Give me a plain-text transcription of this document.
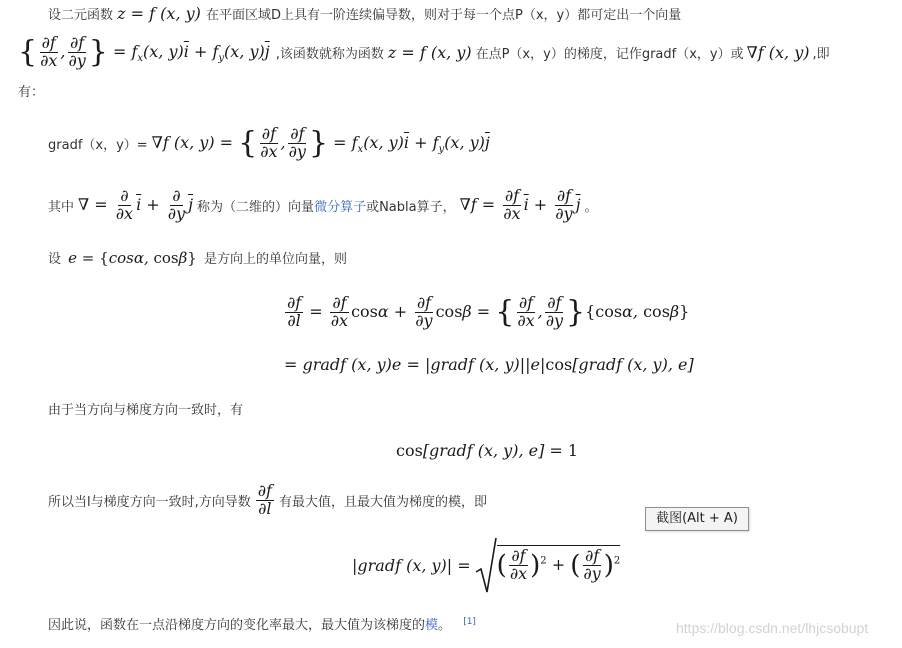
设二元函数 z = f (x, y) 在平面区域D上具有一阶连续偏导数，则对于每一个点P（x，y）都可定出一个向量
{ $\frac{\partial f}{\partial x}$ , $\frac{\partial f}{\partial y}$ } = $f_x(x$, $y)\overline{i} + f_y(x$, $y)\overline{j}$ ,该函数就称为函数 z = f (x, y) 在点P（x，y）的梯度，记作gradf（x，y）或 ∇f (x, y) ,即
有：
gradf（x，y）= ∇f (x, y) = { $\frac{\partial f}{\partial x}$ , $\frac{\partial f}{\partial y}$ } = $f_x(x$, $y)\overline{i} + f_y(x$, $y)\overline{j}$
其中 ∇ = $\frac{\partial}{\partial x} \overline{i} + \frac{\partial}{\partial y} \overline{j}$ 称为（二维的）向量 微分算子 或Nabla算子， $\nabla f = \frac{\partial f}{\partial x} \overline{i} + \frac{\partial f}{\partial y} \overline{j}$ 。
设 e = {cosα, cosβ} 是方向上的单位向量，则
$\frac{\partial f}{\partial l} = \frac{\partial f}{\partial x}$ $\cos\alpha + \frac{\partial f}{\partial y}$ cosβ = { $\frac{\partial f}{\partial x}$ , $\frac{\partial f}{\partial y} \}\{\cos\alpha$, cosβ}
= gradf (x, y)e = |gradf (x, y)||e|cos[gradf (x, y), e]
由于当方向与梯度方向一致时，有
cos[gradf (x, y), e] = 1
所以当l与梯度方向一致时,方向导数 $\frac{\partial f}{\partial l}$ 有最大值，且最大值为梯度的模，即
截图(Alt + A)
|gradf (x, y)| = ( $\frac{\partial f}{\partial x} )^2$ + ( $\frac{\partial f}{\partial y} )^2$
因此说，函数在一点沿梯度方向的变化率最大，最大值为该梯度的模。 [1]	https://blog.csdn.net/lhjcsobupt
